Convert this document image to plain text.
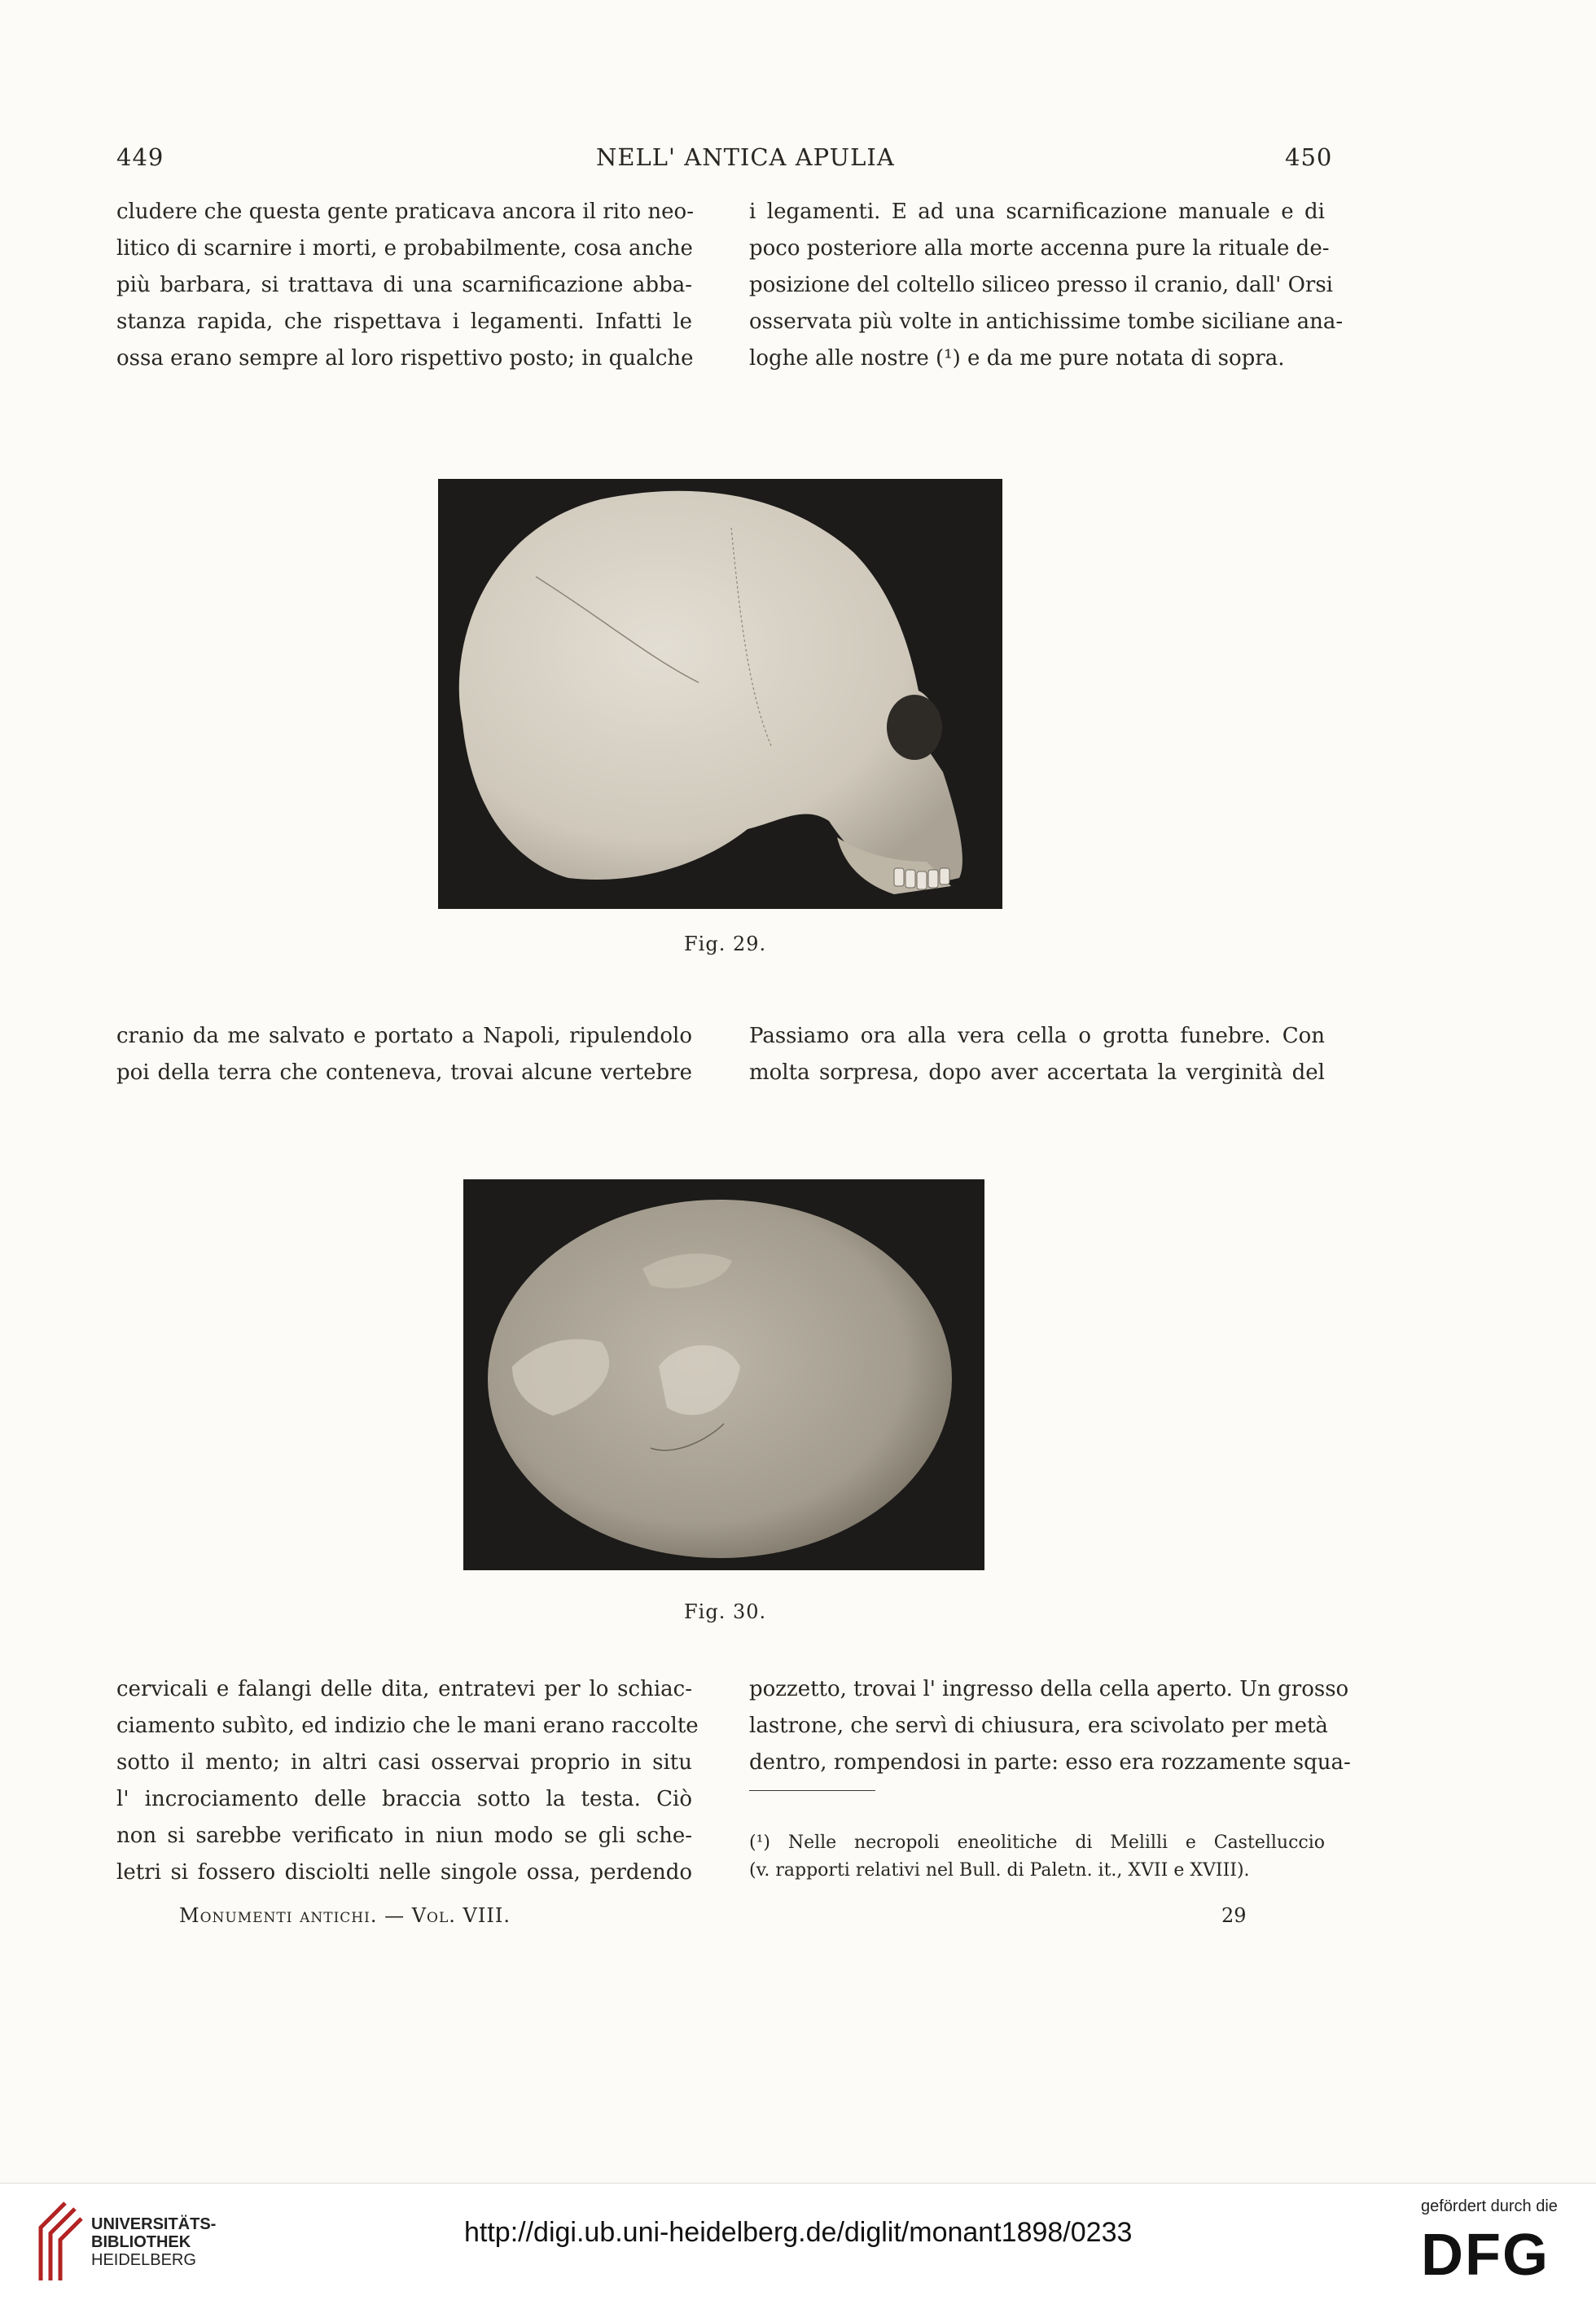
449	NELL' ANTICA APULIA	450
cludere che questa gente praticava ancora il rito neo-
litico di scarnire i morti, e probabilmente, cosa anche
più barbara, si trattava di una scarnificazione abba-
stanza rapida, che rispettava i legamenti. Infatti le
ossa erano sempre al loro rispettivo posto; in qualche
i legamenti. E ad una scarnificazione manuale e di
poco posteriore alla morte accenna pure la rituale de-
posizione del coltello siliceo presso il cranio, dall' Orsi
osservata più volte in antichissime tombe siciliane ana-
loghe alle nostre (¹) e da me pure notata di sopra.
Fig. 29.
cranio da me salvato e portato a Napoli, ripulendolo
poi della terra che conteneva, trovai alcune vertebre
Passiamo ora alla vera cella o grotta funebre. Con
molta sorpresa, dopo aver accertata la verginità del
Fig. 30.
cervicali e falangi delle dita, entratevi per lo schiac-
ciamento subìto, ed indizio che le mani erano raccolte
sotto il mento; in altri casi osservai proprio in situ
l' incrociamento delle braccia sotto la testa. Ciò
non si sarebbe verificato in niun modo se gli sche-
letri si fossero disciolti nelle singole ossa, perdendo
pozzetto, trovai l' ingresso della cella aperto. Un grosso
lastrone, che servì di chiusura, era scivolato per metà
dentro, rompendosi in parte: esso era rozzamente squa-
(¹) Nelle necropoli eneolitiche di Melilli e Castelluccio
(v. rapporti relativi nel Bull. di Paletn. it., XVII e XVIII).
Monumenti antichi. — Vol. VIII.	29
UNIVERSITÄTS-
BIBLIOTHEK
HEIDELBERG
http://digi.ub.uni-heidelberg.de/diglit/monant1898/0233
gefördert durch die
DFG
